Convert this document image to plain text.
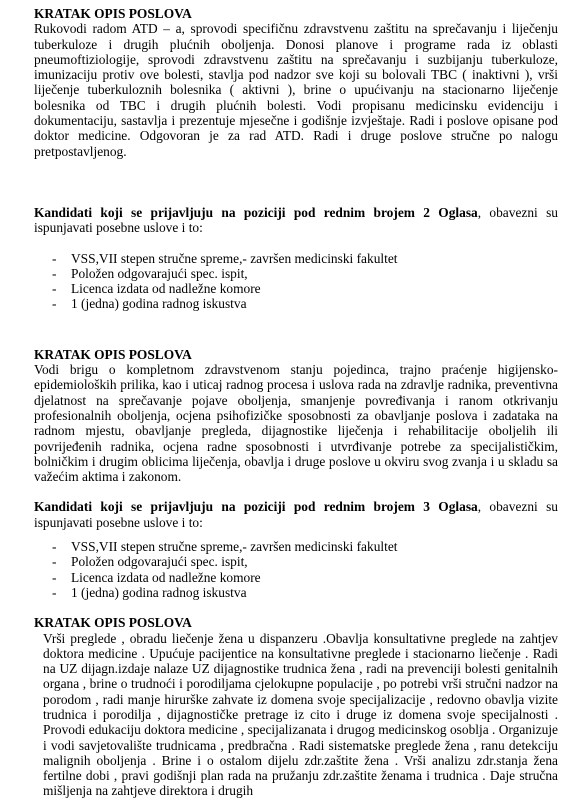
KRATAK OPIS POSLOVA

Rukovodi radom ATD – a, sprovodi specifičnu zdravstvenu zaštitu na sprečavanju i liječenju tuberkuloze i drugih plućnih oboljenja. Donosi planove i programe rada iz oblasti pneumoftiziologije, sprovodi zdravstvenu zaštitu na sprečavanju i suzbijanju tuberkuloze, imunizaciju protiv ove bolesti, stavlja pod nadzor sve koji su bolovali TBC ( inaktivni ), vrši liječenje tuberkuloznih bolesnika ( aktivni ), brine o upućivanju na stacionarno liječenje bolesnika od TBC i drugih plućnih bolesti. Vodi propisanu medicinsku evidenciju i dokumentaciju, sastavlja i prezentuje mjesečne i godišnje izvještaje. Radi i poslove opisane pod doktor medicine. Odgovoran je za rad ATD. Radi i druge poslove stručne po nalogu pretpostavljenog.

Kandidati koji se prijavljuju na poziciji pod rednim brojem 2 Oglasa, obavezni su ispunjavati posebne uslove i to:

- VSS,VII stepen stručne spreme,- završen medicinski fakultet
- Položen odgovarajući spec. ispit,
- Licenca izdata od nadležne komore
- 1 (jedna) godina radnog iskustva

KRATAK OPIS POSLOVA

Vodi brigu o kompletnom zdravstvenom stanju pojedinca, trajno praćenje higijensko-epidemioloških prilika, kao i uticaj radnog procesa i uslova rada na zdravlje radnika, preventivna djelatnost na sprečavanje pojave oboljenja, smanjenje povređivanja i ranom otkrivanju profesionalnih oboljenja, ocjena psihofizičke sposobnosti za obavljanje poslova i zadataka na radnom mjestu, obavljanje pregleda, dijagnostike liječenja i rehabilitacije oboljelih ili povrijeđenih radnika, ocjena radne sposobnosti i utvrđivanje potrebe za specijalističkim, bolničkim i drugim oblicima liječenja, obavlja i druge poslove u okviru svog zvanja i u skladu sa važećim aktima i zakonom.

Kandidati koji se prijavljuju na poziciji pod rednim brojem 3 Oglasa, obavezni su ispunjavati posebne uslove i to:

- VSS,VII stepen stručne spreme,- završen medicinski fakultet
- Položen odgovarajući spec. ispit,
- Licenca izdata od nadležne komore
- 1 (jedna) godina radnog iskustva

KRATAK OPIS POSLOVA

Vrši preglede , obradu liečenje žena u dispanzeru .Obavlja konsultativne preglede na zahtjev doktora medicine . Upućuje pacijentice na konsultativne preglede i stacionarno liečenje . Radi na UZ dijagn.izdaje nalaze UZ dijagnostike trudnica žena , radi na prevenciji bolesti genitalnih organa , brine o trudnoći i porodiljama cjelokupne populacije , po potrebi vrši stručni nadzor na porodom , radi manje hirurške zahvate iz domena svoje specijalizacije , redovno obavlja vizite trudnica i porodilja , dijagnostičke pretrage iz cito i druge iz domena svoje specijalnosti . Provodi edukaciju doktora medicine , specijalizanata i drugog medicinskog osoblja . Organizuje i vodi savjetovalište trudnicama , predbračna . Radi sistematske preglede žena , ranu detekciju malignih oboljenja . Brine i o ostalom dijelu zdr.zaštite žena . Vrši analizu zdr.stanja žena fertilne dobi , pravi godišnji plan rada na pružanju zdr.zaštite ženama i trudnica . Daje stručna mišljenja na zahtjeve direktora i drugih
